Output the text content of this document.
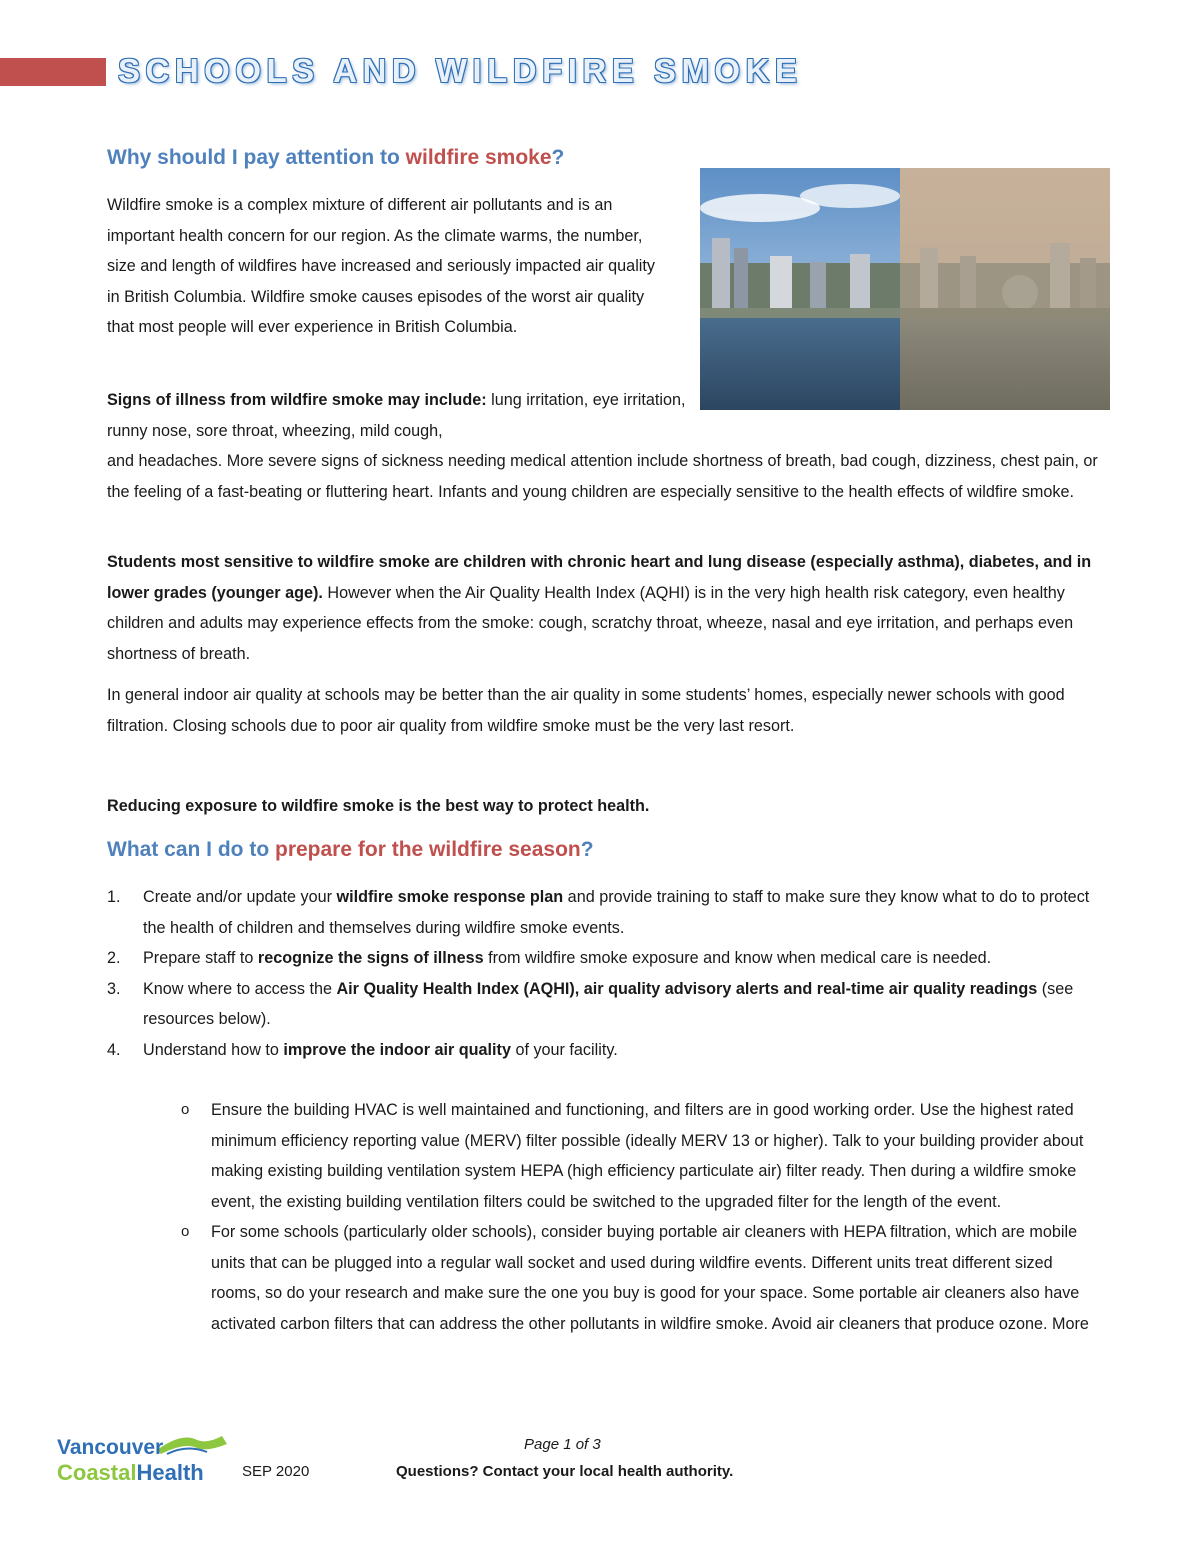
SCHOOLS AND WILDFIRE SMOKE
Why should I pay attention to wildfire smoke?

Wildfire smoke is a complex mixture of different air pollutants and is an important health concern for our region. As the climate warms, the number, size and length of wildfires have increased and seriously impacted air quality in British Columbia. Wildfire smoke causes episodes of the worst air quality that most people will ever experience in British Columbia.

Signs of illness from wildfire smoke may include: lung irritation, eye irritation, runny nose, sore throat, wheezing, mild cough,

and headaches. More severe signs of sickness needing medical attention include shortness of breath, bad cough, dizziness, chest pain, or the feeling of a fast-beating or fluttering heart. Infants and young children are especially sensitive to the health effects of wildfire smoke.

Students most sensitive to wildfire smoke are children with chronic heart and lung disease (especially asthma), diabetes, and in lower grades (younger age). However when the Air Quality Health Index (AQHI) is in the very high health risk category, even healthy children and adults may experience effects from the smoke: cough, scratchy throat, wheeze, nasal and eye irritation, and perhaps even shortness of breath.

In general indoor air quality at schools may be better than the air quality in some students’ homes, especially newer schools with good filtration. Closing schools due to poor air quality from wildfire smoke must be the very last resort.

Reducing exposure to wildfire smoke is the best way to protect health.

What can I do to prepare for the wildfire season?
1. Create and/or update your wildfire smoke response plan and provide training to staff to make sure they know what to do to protect the health of children and themselves during wildfire smoke events.
2. Prepare staff to recognize the signs of illness from wildfire smoke exposure and know when medical care is needed.
3. Know where to access the Air Quality Health Index (AQHI), air quality advisory alerts and real-time air quality readings (see resources below).
4. Understand how to improve the indoor air quality of your facility.
o Ensure the building HVAC is well maintained and functioning, and filters are in good working order. Use the highest rated minimum efficiency reporting value (MERV) filter possible (ideally MERV 13 or higher). Talk to your building provider about making existing building ventilation system HEPA (high efficiency particulate air) filter ready. Then during a wildfire smoke event, the existing building ventilation filters could be switched to the upgraded filter for the length of the event.
o For some schools (particularly older schools), consider buying portable air cleaners with HEPA filtration, which are mobile units that can be plugged into a regular wall socket and used during wildfire events. Different units treat different sized rooms, so do your research and make sure the one you buy is good for your space. Some portable air cleaners also have activated carbon filters that can address the other pollutants in wildfire smoke. Avoid air cleaners that produce ozone. More
Vancouver
CoastalHealth	SEP 2020
Page 1 of 3
Questions? Contact your local health authority.
